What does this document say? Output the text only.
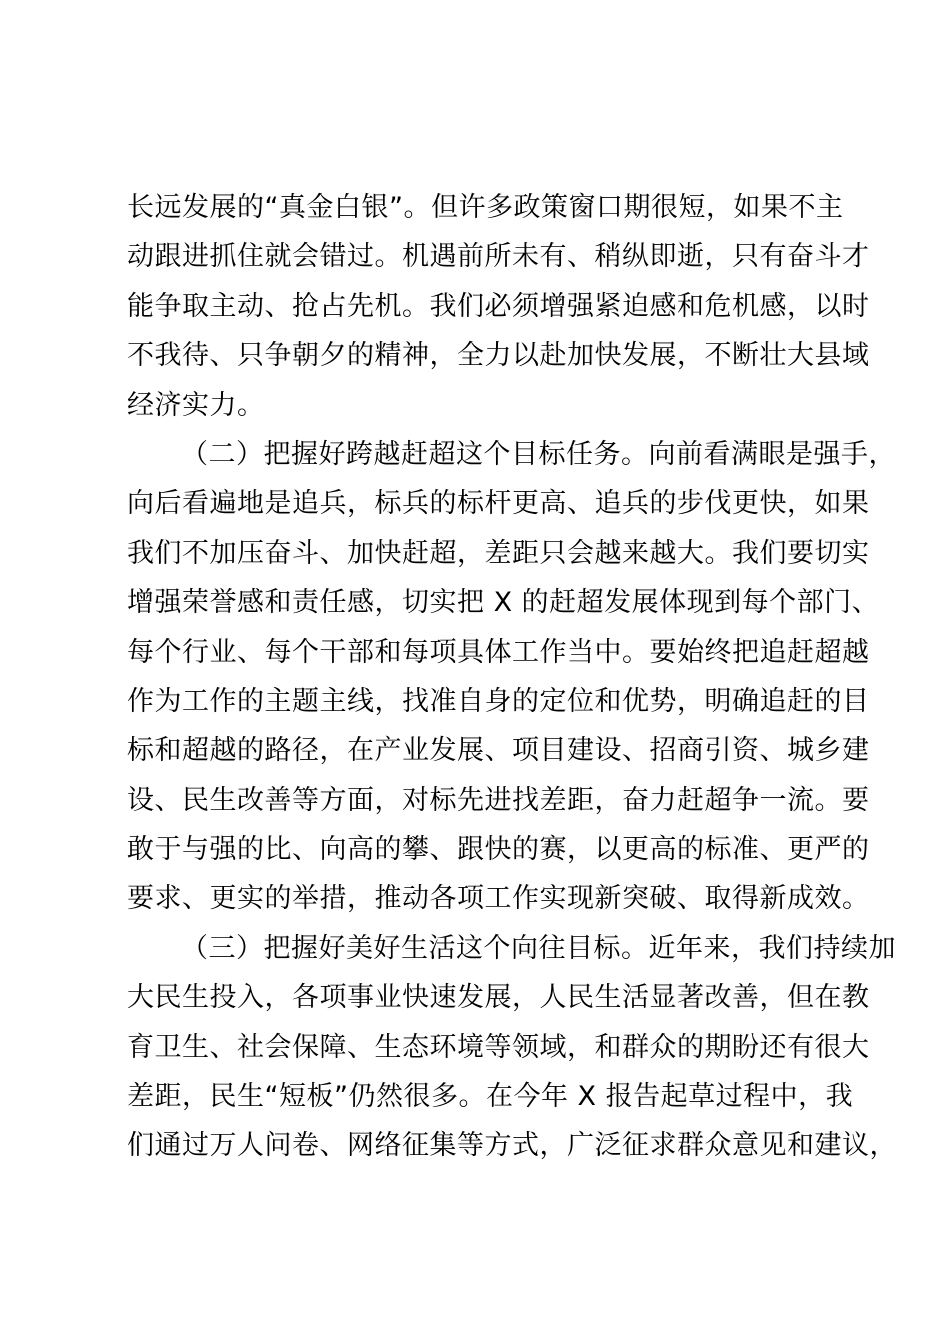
长远发展的“真金白银”。但许多政策窗口期很短，如果不主
动跟进抓住就会错过。机遇前所未有、稍纵即逝，只有奋斗才
能争取主动、抢占先机。我们必须增强紧迫感和危机感，以时
不我待、只争朝夕的精神，全力以赴加快发展，不断壮大县域
经济实力。
（二）把握好跨越赶超这个目标任务。向前看满眼是强手，
向后看遍地是追兵，标兵的标杆更高、追兵的步伐更快，如果
我们不加压奋斗、加快赶超，差距只会越来越大。我们要切实
增强荣誉感和责任感，切实把 X 的赶超发展体现到每个部门、
每个行业、每个干部和每项具体工作当中。要始终把追赶超越
作为工作的主题主线，找准自身的定位和优势，明确追赶的目
标和超越的路径，在产业发展、项目建设、招商引资、城乡建
设、民生改善等方面，对标先进找差距，奋力赶超争一流。要
敢于与强的比、向高的攀、跟快的赛，以更高的标准、更严的
要求、更实的举措，推动各项工作实现新突破、取得新成效。
（三）把握好美好生活这个向往目标。近年来，我们持续加
大民生投入，各项事业快速发展，人民生活显著改善，但在教
育卫生、社会保障、生态环境等领域，和群众的期盼还有很大
差距，民生“短板”仍然很多。在今年 X 报告起草过程中，我
们通过万人问卷、网络征集等方式，广泛征求群众意见和建议，
